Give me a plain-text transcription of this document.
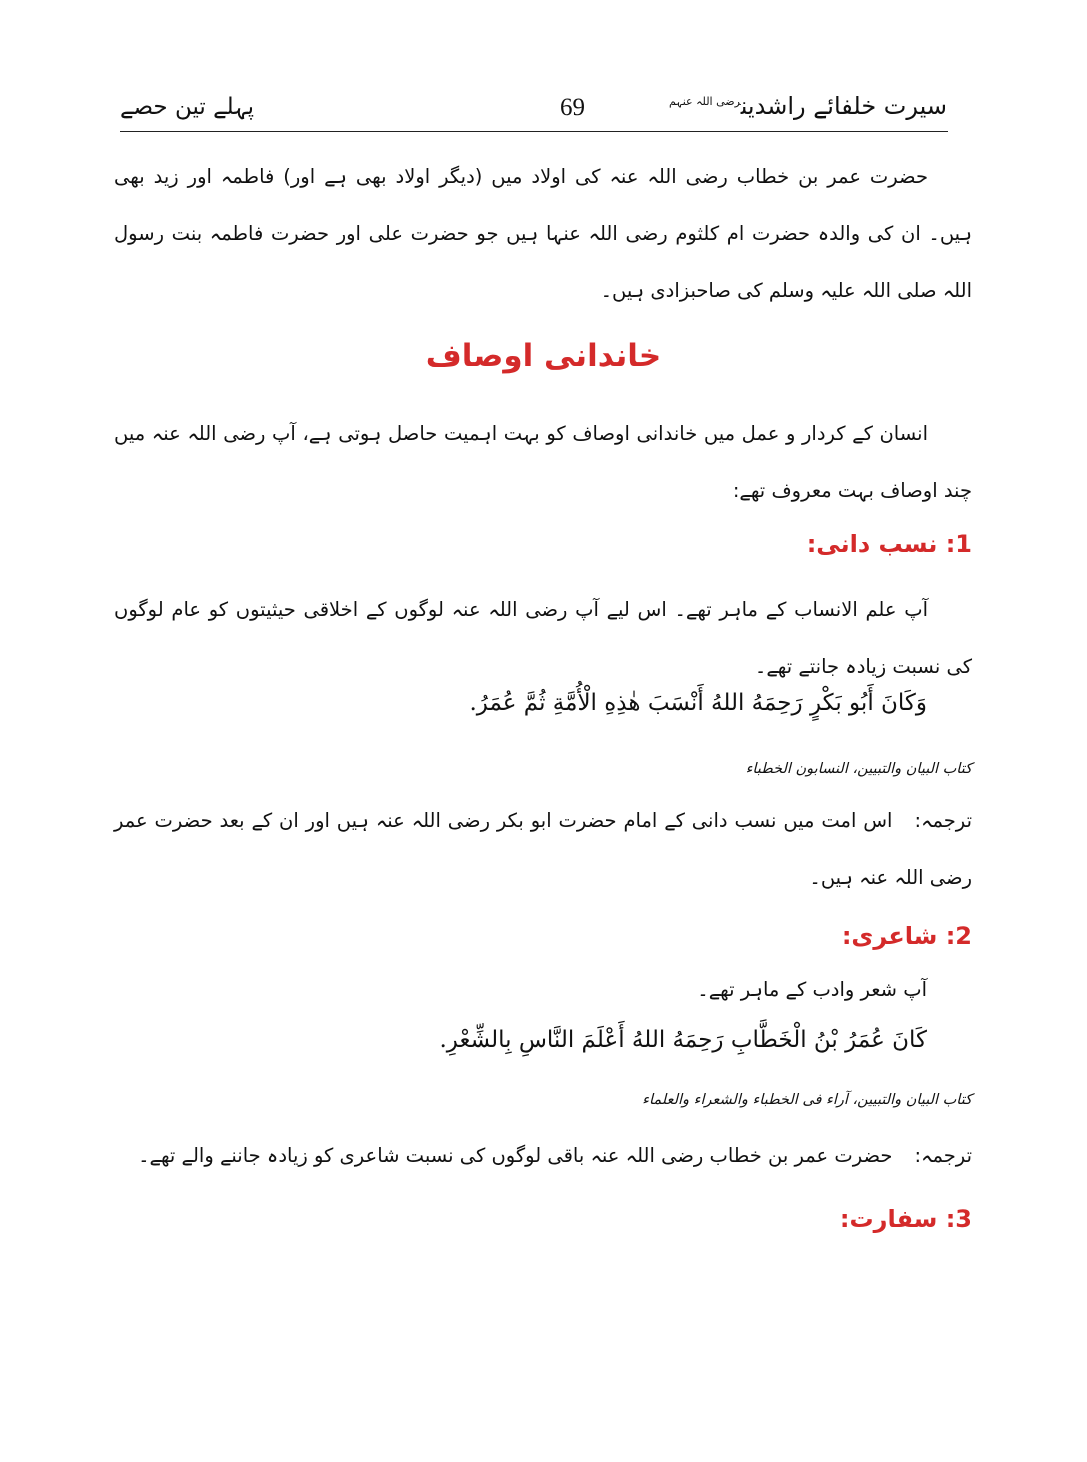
سیرت خلفائے راشدین$^{رضی اللہ عنہم}$
69
پہلے تین حصے
حضرت عمر بن خطاب رضی اللہ عنہ کی اولاد میں (دیگر اولاد بھی ہے اور) فاطمہ اور زید بھی ہیں۔ ان کی والدہ حضرت ام کلثوم رضی اللہ عنہا ہیں جو حضرت علی اور حضرت فاطمہ بنت رسول اللہ صلی اللہ علیہ وسلم کی صاحبزادی ہیں۔
خاندانی اوصاف
انسان کے کردار و عمل میں خاندانی اوصاف کو بہت اہمیت حاصل ہوتی ہے، آپ رضی اللہ عنہ میں چند اوصاف بہت معروف تھے:
1: نسب دانی:
آپ علم الانساب کے ماہر تھے۔ اس لیے آپ رضی اللہ عنہ لوگوں کے اخلاقی حیثیتوں کو عام لوگوں کی نسبت زیادہ جانتے تھے۔
وَكَانَ أَبُو بَكْرٍ رَحِمَهُ اللهُ أَنْسَبَ هٰذِهِ الْأُمَّةِ ثُمَّ عُمَرُ.
کتاب البیان والتبیین، النسابون الخطباء
ترجمہ:اس امت میں نسب دانی کے امام حضرت ابو بکر رضی اللہ عنہ ہیں اور ان کے بعد حضرت عمر رضی اللہ عنہ ہیں۔
2: شاعری:
آپ شعر وادب کے ماہر تھے۔
كَانَ عُمَرُ بْنُ الْخَطَّابِ رَحِمَهُ اللهُ أَعْلَمَ النَّاسِ بِالشِّعْرِ.
کتاب البیان والتبیین، آراء فی الخطباء والشعراء والعلماء
ترجمہ:حضرت عمر بن خطاب رضی اللہ عنہ باقی لوگوں کی نسبت شاعری کو زیادہ جاننے والے تھے۔
3: سفارت:
